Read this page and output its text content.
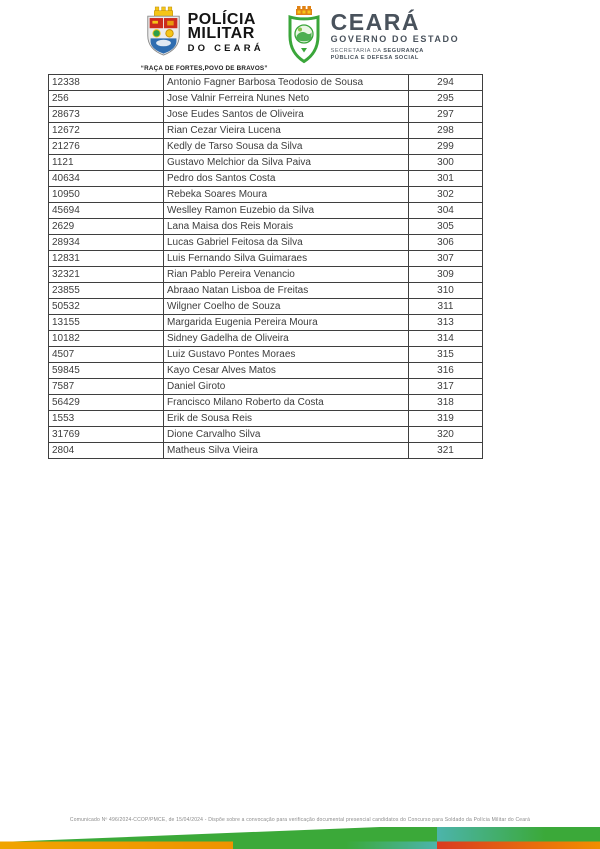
POLÍCIA
MILITAR
DO CEARÁ
“RAÇA DE FORTES,POVO DE BRAVOS”
CEARÁ
GOVERNO DO ESTADO
SECRETARIA DA SEGURANÇA
PÚBLICA E DEFESA SOCIAL
12338	Antonio Fagner Barbosa Teodosio de Sousa	294
256	Jose Valnir Ferreira Nunes Neto	295
28673	Jose Eudes Santos de Oliveira	297
12672	Rian Cezar Vieira Lucena	298
21276	Kedly de Tarso Sousa da Silva	299
1121	Gustavo Melchior da Silva Paiva	300
40634	Pedro dos Santos Costa	301
10950	Rebeka Soares Moura	302
45694	Weslley Ramon Euzebio da Silva	304
2629	Lana Maisa dos Reis Morais	305
28934	Lucas Gabriel Feitosa da Silva	306
12831	Luis Fernando Silva Guimaraes	307
32321	Rian Pablo Pereira Venancio	309
23855	Abraao Natan Lisboa de Freitas	310
50532	Wilgner Coelho de Souza	311
13155	Margarida Eugenia Pereira Moura	313
10182	Sidney Gadelha de Oliveira	314
4507	Luiz Gustavo Pontes Moraes	315
59845	Kayo Cesar Alves Matos	316
7587	Daniel Giroto	317
56429	Francisco Milano Roberto da Costa	318
1553	Erik de Sousa Reis	319
31769	Dione Carvalho Silva	320
2804	Matheus Silva Vieira	321
Comunicado Nº 496/2024-CCOP/PMCE, de 15/04/2024 - Dispõe sobre a convocação para verificação documental presencial candidatos do Concurso para Soldado da Polícia Militar do Ceará
